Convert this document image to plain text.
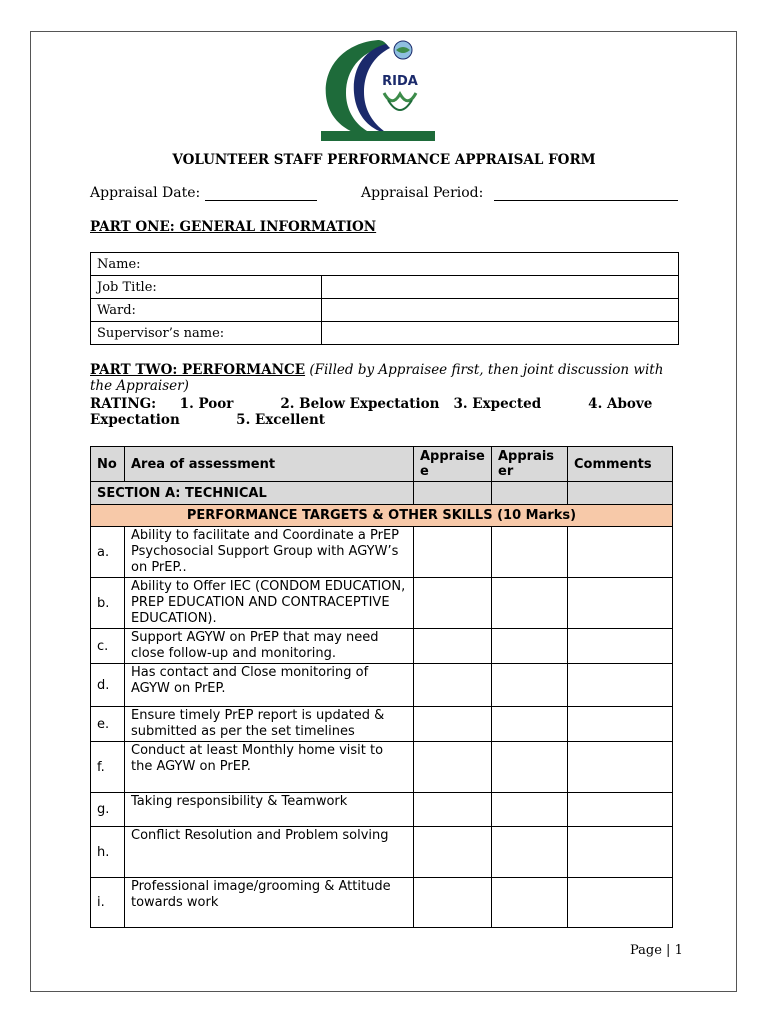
RIDA
VOLUNTEER STAFF PERFORMANCE APPRAISAL FORM
Appraisal Date:	Appraisal Period:
PART ONE: GENERAL INFORMATION
Name:	
Job Title:	
Ward:	
Supervisor’s name:	
PART TWO: PERFORMANCE (Filled by Appraisee first, then joint discussion with the Appraiser)
RATING: 1. Poor	2. Below Expectation 3. Expected	4. Above Expectation	5. Excellent
No	Area of assessment	Appraisee	Appraiser	Comments
SECTION A: TECHNICAL				
PERFORMANCE TARGETS & OTHER SKILLS (10 Marks)				
a.	Ability to facilitate and Coordinate a PrEP Psychosocial Support Group with AGYW’s on PrEP..			
b.	Ability to Offer IEC (CONDOM EDUCATION, PREP EDUCATION AND CONTRACEPTIVE EDUCATION).			
c.	Support AGYW on PrEP that may need close follow-up and monitoring.			
d.	Has contact and Close monitoring of AGYW on PrEP.			
e.	Ensure timely PrEP report is updated & submitted as per the set timelines			
f.	Conduct at least Monthly home visit to the AGYW on PrEP.			
g.	Taking responsibility & Teamwork			
h.	Conflict Resolution and Problem solving			
i.	Professional image/grooming & Attitude towards work			
Page | 1
